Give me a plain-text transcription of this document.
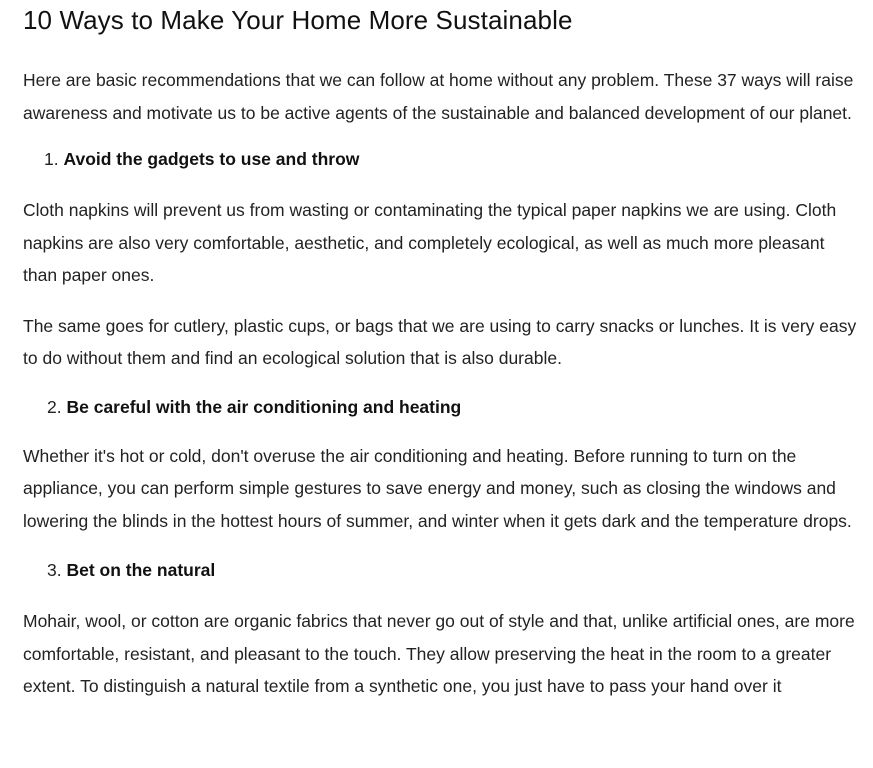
10 Ways to Make Your Home More Sustainable

Here are basic recommendations that we can follow at home without any problem. These 37 ways will raise awareness and motivate us to be active agents of the sustainable and balanced development of our planet.

1. Avoid the gadgets to use and throw

Cloth napkins will prevent us from wasting or contaminating the typical paper napkins we are using. Cloth napkins are also very comfortable, aesthetic, and completely ecological, as well as much more pleasant than paper ones.

The same goes for cutlery, plastic cups, or bags that we are using to carry snacks or lunches. It is very easy to do without them and find an ecological solution that is also durable.

2. Be careful with the air conditioning and heating

Whether it's hot or cold, don't overuse the air conditioning and heating. Before running to turn on the appliance, you can perform simple gestures to save energy and money, such as closing the windows and lowering the blinds in the hottest hours of summer, and winter when it gets dark and the temperature drops.

3. Bet on the natural

Mohair, wool, or cotton are organic fabrics that never go out of style and that, unlike artificial ones, are more comfortable, resistant, and pleasant to the touch. They allow preserving the heat in the room to a greater extent. To distinguish a natural textile from a synthetic one, you just have to pass your hand over it
